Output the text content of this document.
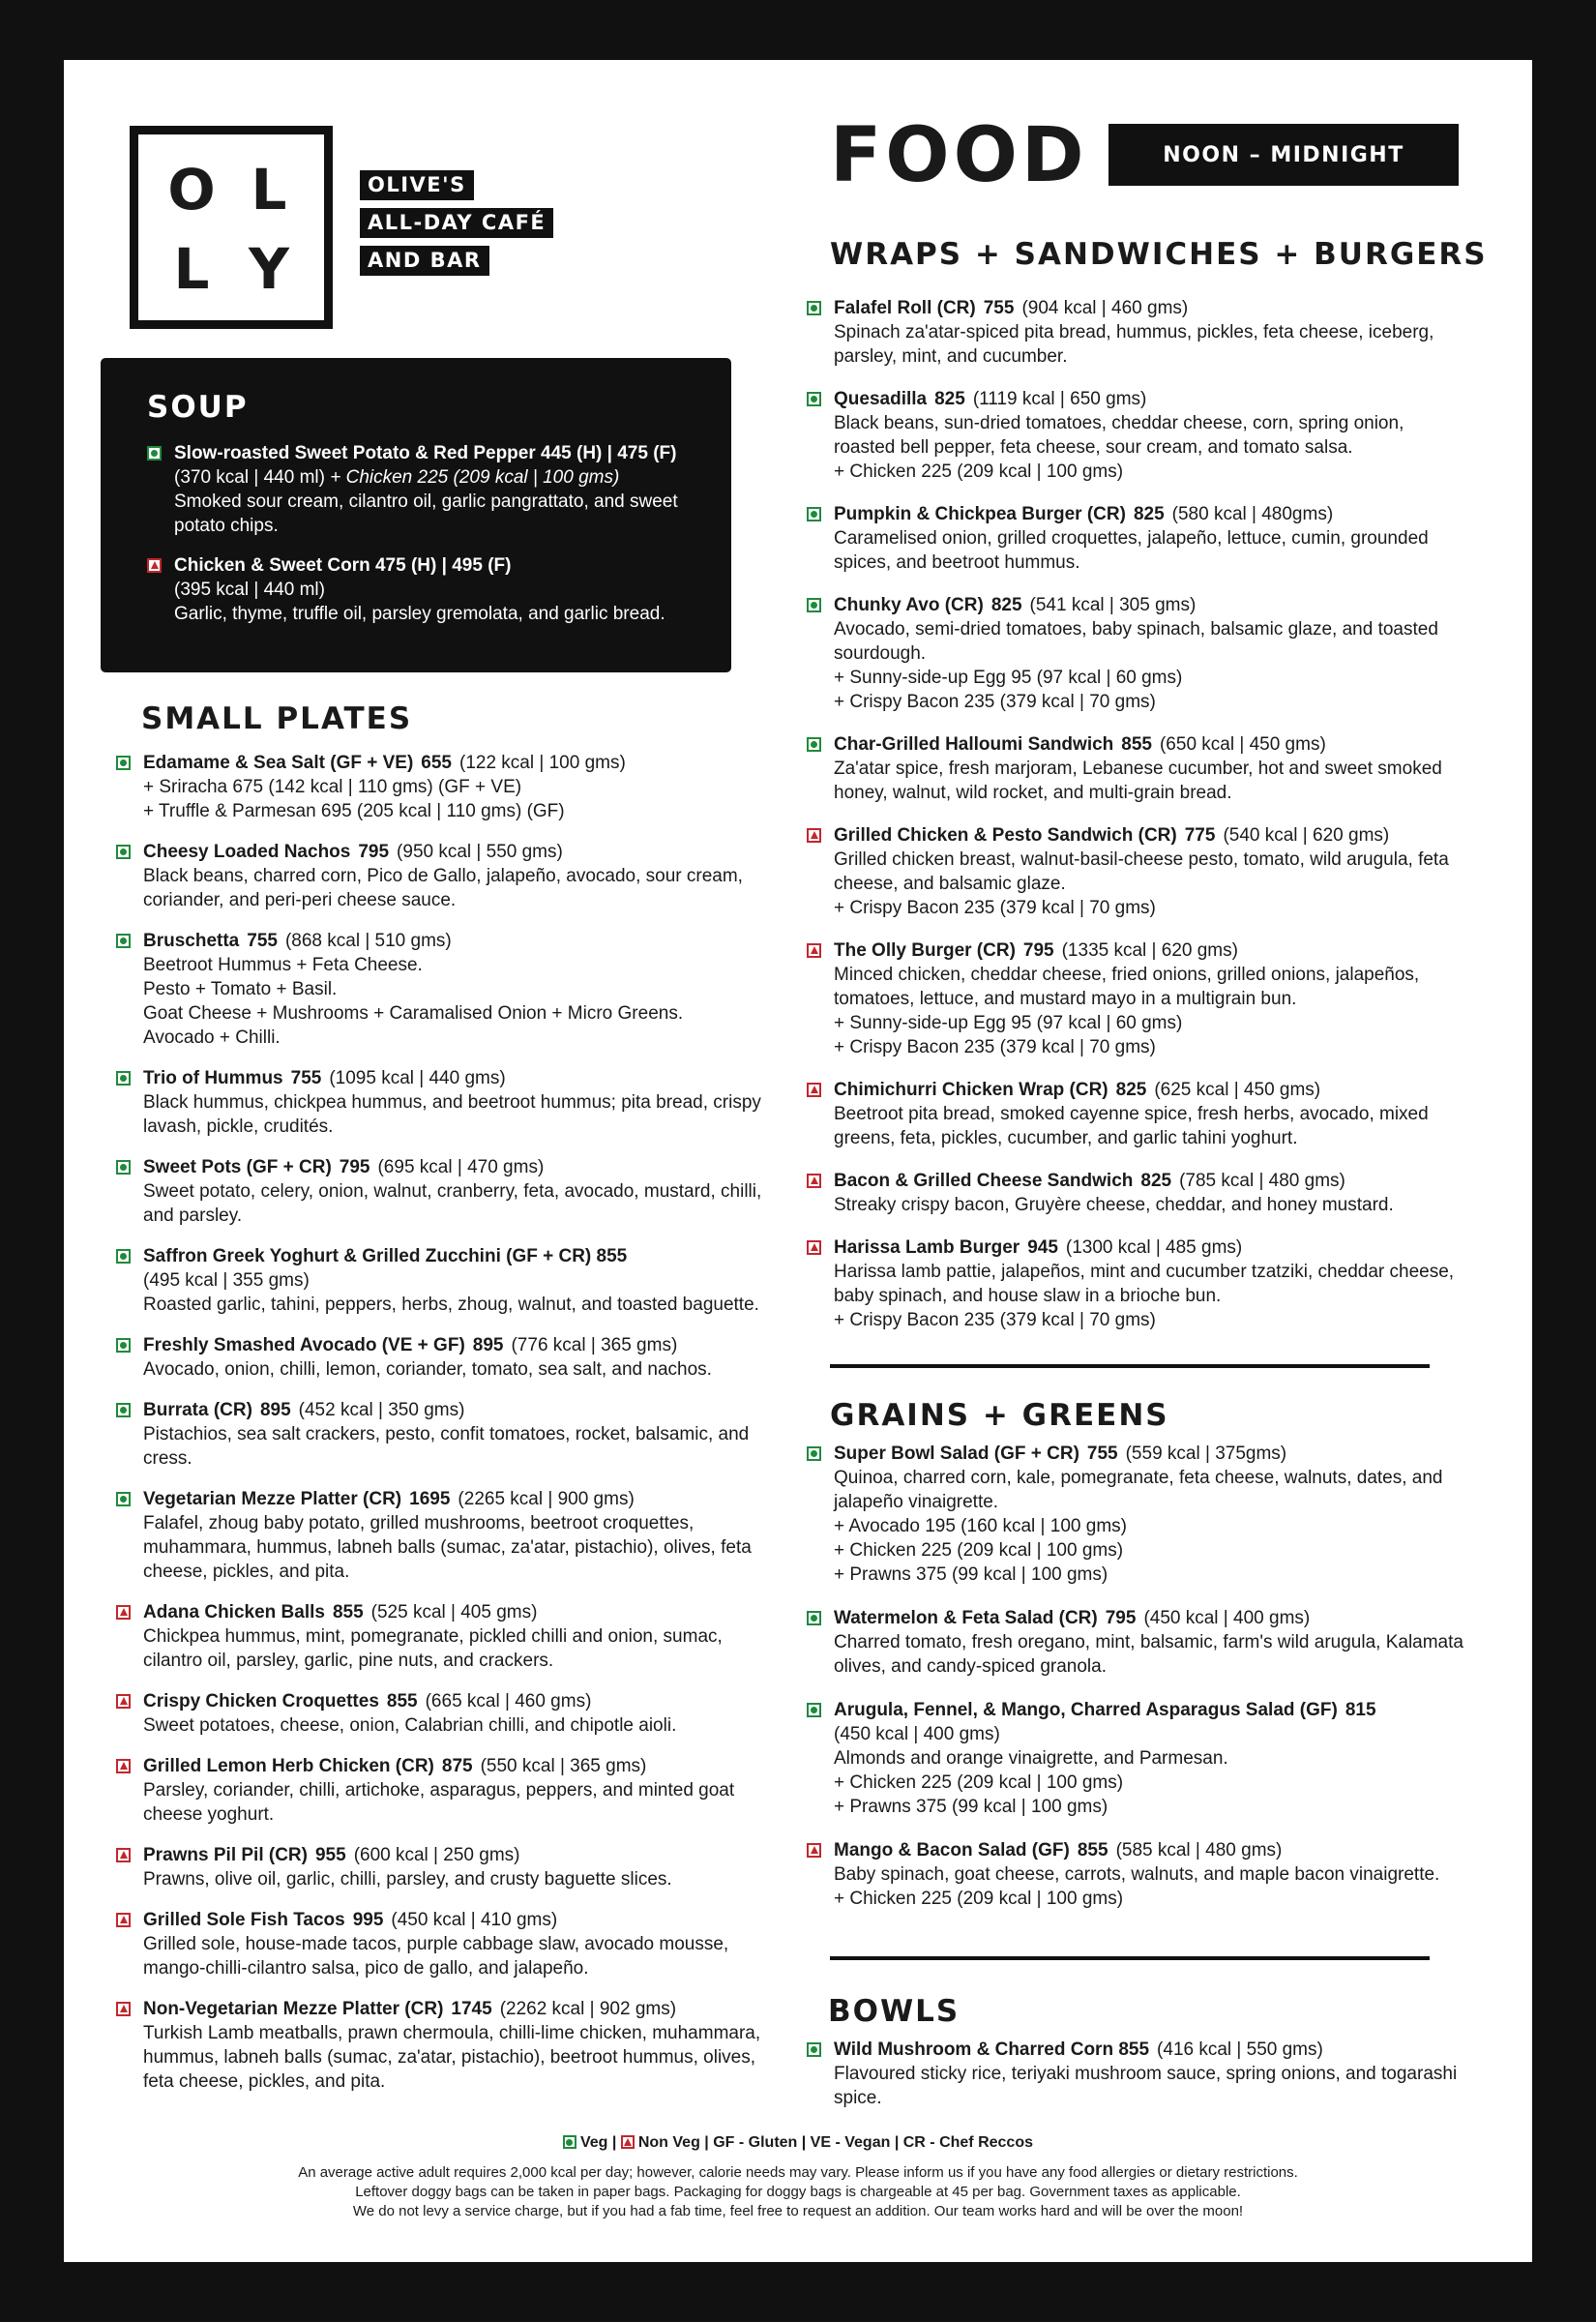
O L
L Y
OLIVE'S
ALL-DAY CAFÉ
AND BAR
FOOD	NOON – MIDNIGHT
SOUP

Slow-roasted Sweet Potato & Red Pepper 445 (H) | 475 (F)

(370 kcal | 440 ml) + Chicken 225 (209 kcal | 100 gms)

Smoked sour cream, cilantro oil, garlic pangrattato, and sweet potato chips.

Chicken & Sweet Corn 475 (H) | 495 (F)

(395 kcal | 440 ml)

Garlic, thyme, truffle oil, parsley gremolata, and garlic bread.

SMALL PLATES

Edamame & Sea Salt (GF + VE) 655 (122 kcal | 100 gms)

+ Sriracha 675 (142 kcal | 110 gms) (GF + VE)

+ Truffle & Parmesan 695 (205 kcal | 110 gms) (GF)

Cheesy Loaded Nachos 795 (950 kcal | 550 gms)

Black beans, charred corn, Pico de Gallo, jalapeño, avocado, sour cream, coriander, and peri-peri cheese sauce.

Bruschetta 755 (868 kcal | 510 gms)

Beetroot Hummus + Feta Cheese.

Pesto + Tomato + Basil.

Goat Cheese + Mushrooms + Caramalised Onion + Micro Greens.

Avocado + Chilli.

Trio of Hummus 755 (1095 kcal | 440 gms)

Black hummus, chickpea hummus, and beetroot hummus; pita bread, crispy lavash, pickle, crudités.

Sweet Pots (GF + CR) 795 (695 kcal | 470 gms)

Sweet potato, celery, onion, walnut, cranberry, feta, avocado, mustard, chilli, and parsley.

Saffron Greek Yoghurt & Grilled Zucchini (GF + CR) 855

(495 kcal | 355 gms)

Roasted garlic, tahini, peppers, herbs, zhoug, walnut, and toasted baguette.

Freshly Smashed Avocado (VE + GF) 895 (776 kcal | 365 gms)

Avocado, onion, chilli, lemon, coriander, tomato, sea salt, and nachos.

Burrata (CR) 895 (452 kcal | 350 gms)

Pistachios, sea salt crackers, pesto, confit tomatoes, rocket, balsamic, and cress.

Vegetarian Mezze Platter (CR) 1695 (2265 kcal | 900 gms)

Falafel, zhoug baby potato, grilled mushrooms, beetroot croquettes, muhammara, hummus, labneh balls (sumac, za'atar, pistachio), olives, feta cheese, pickles, and pita.

Adana Chicken Balls 855 (525 kcal | 405 gms)

Chickpea hummus, mint, pomegranate, pickled chilli and onion, sumac, cilantro oil, parsley, garlic, pine nuts, and crackers.

Crispy Chicken Croquettes 855 (665 kcal | 460 gms)

Sweet potatoes, cheese, onion, Calabrian chilli, and chipotle aioli.

Grilled Lemon Herb Chicken (CR) 875 (550 kcal | 365 gms)

Parsley, coriander, chilli, artichoke, asparagus, peppers, and minted goat cheese yoghurt.

Prawns Pil Pil (CR) 955 (600 kcal | 250 gms)

Prawns, olive oil, garlic, chilli, parsley, and crusty baguette slices.

Grilled Sole Fish Tacos 995 (450 kcal | 410 gms)

Grilled sole, house-made tacos, purple cabbage slaw, avocado mousse, mango-chilli-cilantro salsa, pico de gallo, and jalapeño.

Non-Vegetarian Mezze Platter (CR) 1745 (2262 kcal | 902 gms)

Turkish Lamb meatballs, prawn chermoula, chilli-lime chicken, muhammara, hummus, labneh balls (sumac, za'atar, pistachio), beetroot hummus, olives, feta cheese, pickles, and pita.

WRAPS + SANDWICHES + BURGERS

Falafel Roll (CR) 755 (904 kcal | 460 gms)

Spinach za'atar-spiced pita bread, hummus, pickles, feta cheese, iceberg, parsley, mint, and cucumber.

Quesadilla 825 (1119 kcal | 650 gms)

Black beans, sun-dried tomatoes, cheddar cheese, corn, spring onion, roasted bell pepper, feta cheese, sour cream, and tomato salsa.

+ Chicken 225 (209 kcal | 100 gms)

Pumpkin & Chickpea Burger (CR) 825 (580 kcal | 480gms)

Caramelised onion, grilled croquettes, jalapeño, lettuce, cumin, grounded spices, and beetroot hummus.

Chunky Avo (CR) 825 (541 kcal | 305 gms)

Avocado, semi-dried tomatoes, baby spinach, balsamic glaze, and toasted sourdough.

+ Sunny-side-up Egg 95 (97 kcal | 60 gms)

+ Crispy Bacon 235 (379 kcal | 70 gms)

Char-Grilled Halloumi Sandwich 855 (650 kcal | 450 gms)

Za'atar spice, fresh marjoram, Lebanese cucumber, hot and sweet smoked honey, walnut, wild rocket, and multi-grain bread.

Grilled Chicken & Pesto Sandwich (CR) 775 (540 kcal | 620 gms)

Grilled chicken breast, walnut-basil-cheese pesto, tomato, wild arugula, feta cheese, and balsamic glaze.

+ Crispy Bacon 235 (379 kcal | 70 gms)

The Olly Burger (CR) 795 (1335 kcal | 620 gms)

Minced chicken, cheddar cheese, fried onions, grilled onions, jalapeños, tomatoes, lettuce, and mustard mayo in a multigrain bun.

+ Sunny-side-up Egg 95 (97 kcal | 60 gms)

+ Crispy Bacon 235 (379 kcal | 70 gms)

Chimichurri Chicken Wrap (CR) 825 (625 kcal | 450 gms)

Beetroot pita bread, smoked cayenne spice, fresh herbs, avocado, mixed greens, feta, pickles, cucumber, and garlic tahini yoghurt.

Bacon & Grilled Cheese Sandwich 825 (785 kcal | 480 gms)

Streaky crispy bacon, Gruyère cheese, cheddar, and honey mustard.

Harissa Lamb Burger 945 (1300 kcal | 485 gms)

Harissa lamb pattie, jalapeños, mint and cucumber tzatziki, cheddar cheese, baby spinach, and house slaw in a brioche bun.

+ Crispy Bacon 235 (379 kcal | 70 gms)

GRAINS + GREENS

Super Bowl Salad (GF + CR) 755 (559 kcal | 375gms)

Quinoa, charred corn, kale, pomegranate, feta cheese, walnuts, dates, and jalapeño vinaigrette.

+ Avocado 195 (160 kcal | 100 gms)

+ Chicken 225 (209 kcal | 100 gms)

+ Prawns 375 (99 kcal | 100 gms)

Watermelon & Feta Salad (CR) 795 (450 kcal | 400 gms)

Charred tomato, fresh oregano, mint, balsamic, farm's wild arugula, Kalamata olives, and candy-spiced granola.

Arugula, Fennel, & Mango, Charred Asparagus Salad (GF) 815

(450 kcal | 400 gms)

Almonds and orange vinaigrette, and Parmesan.

+ Chicken 225 (209 kcal | 100 gms)

+ Prawns 375 (99 kcal | 100 gms)

Mango & Bacon Salad (GF) 855 (585 kcal | 480 gms)

Baby spinach, goat cheese, carrots, walnuts, and maple bacon vinaigrette.

+ Chicken 225 (209 kcal | 100 gms)

BOWLS

Wild Mushroom & Charred Corn 855 (416 kcal | 550 gms)

Flavoured sticky rice, teriyaki mushroom sauce, spring onions, and togarashi spice.

Veg | Non Veg | GF - Gluten | VE - Vegan | CR - Chef Reccos
An average active adult requires 2,000 kcal per day; however, calorie needs may vary. Please inform us if you have any food allergies or dietary restrictions.
Leftover doggy bags can be taken in paper bags. Packaging for doggy bags is chargeable at 45 per bag. Government taxes as applicable.
We do not levy a service charge, but if you had a fab time, feel free to request an addition. Our team works hard and will be over the moon!
